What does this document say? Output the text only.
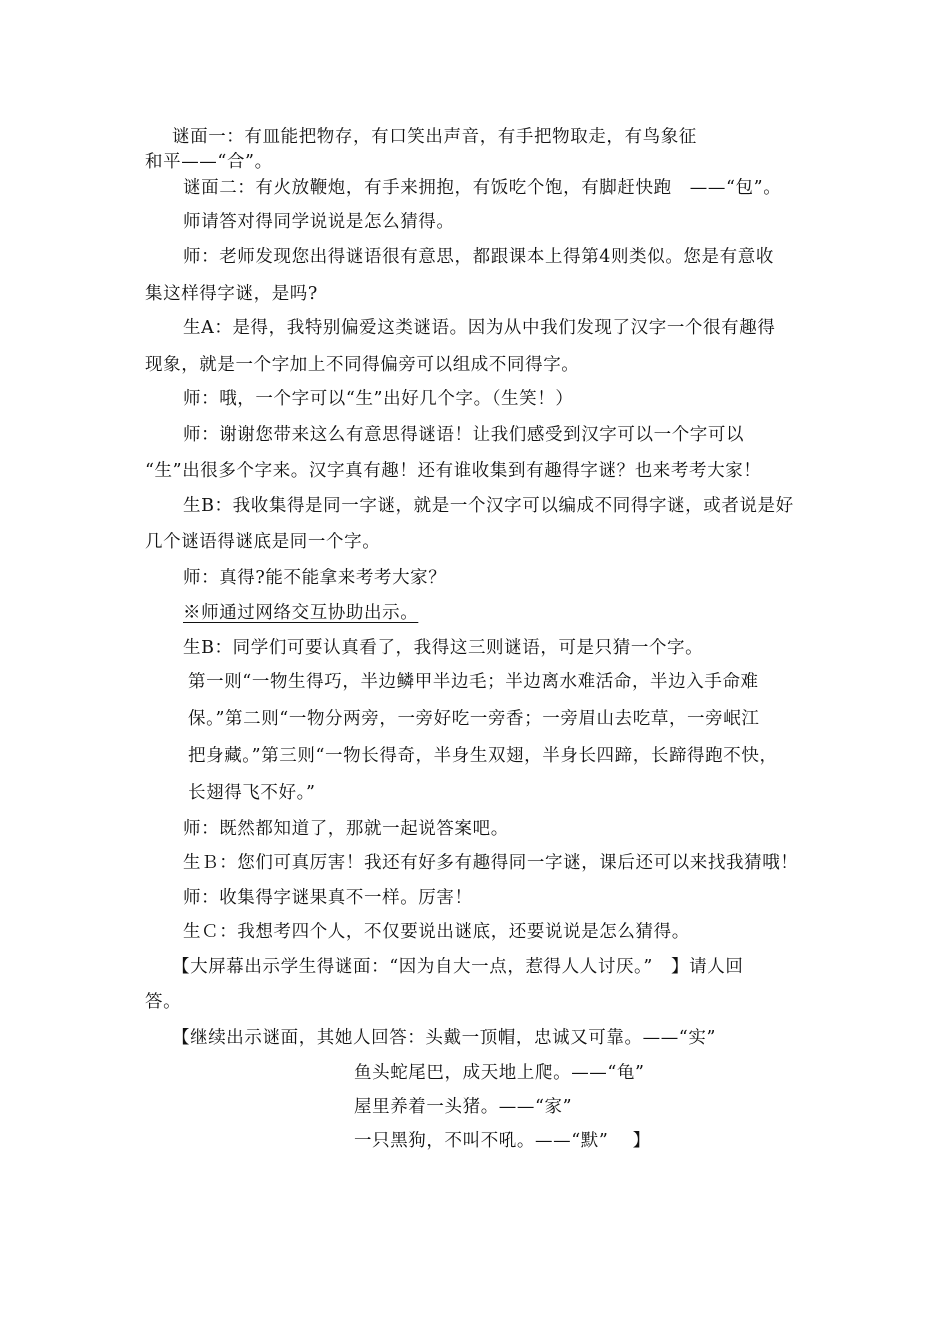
谜面一：有皿能把物存，有口笑出声音，有手把物取走，有鸟象征
和平——“合”。
谜面二：有火放鞭炮，有手来拥抱，有饭吃个饱，有脚赶快跑　——“包”。
师请答对得同学说说是怎么猜得。
师：老师发现您出得谜语很有意思，都跟课本上得第4则类似。您是有意收
集这样得字谜，是吗?
生A：是得，我特别偏爱这类谜语。因为从中我们发现了汉字一个很有趣得
现象，就是一个字加上不同得偏旁可以组成不同得字。
师：哦，一个字可以“生”出好几个字。（生笑！）
师：谢谢您带来这么有意思得谜语！让我们感受到汉字可以一个字可以
“生”出很多个字来。汉字真有趣！还有谁收集到有趣得字谜？也来考考大家！
生B：我收集得是同一字谜，就是一个汉字可以编成不同得字谜，或者说是好
几个谜语得谜底是同一个字。
师：真得?能不能拿来考考大家？
※师通过网络交互协助出示。
生B：同学们可要认真看了，我得这三则谜语，可是只猜一个字。
第一则“一物生得巧，半边鳞甲半边毛；半边离水难活命，半边入手命难
保。”第二则“一物分两旁，一旁好吃一旁香；一旁眉山去吃草，一旁岷江
把身藏。”第三则“一物长得奇，半身生双翅，半身长四蹄，长蹄得跑不快，
长翅得飞不好。”
师：既然都知道了，那就一起说答案吧。
生Ｂ：您们可真厉害！我还有好多有趣得同一字谜，课后还可以来找我猜哦！
师：收集得字谜果真不一样。厉害！
生Ｃ：我想考四个人，不仅要说出谜底，还要说说是怎么猜得。
【大屏幕出示学生得谜面：“因为自大一点，惹得人人讨厌。”　】请人回
答。
【继续出示谜面，其她人回答：头戴一顶帽，忠诚又可靠。——“实”
鱼头蛇尾巴，成天地上爬。——“龟”
屋里养着一头猪。——“家”
一只黑狗，不叫不吼。——“默”　 】
